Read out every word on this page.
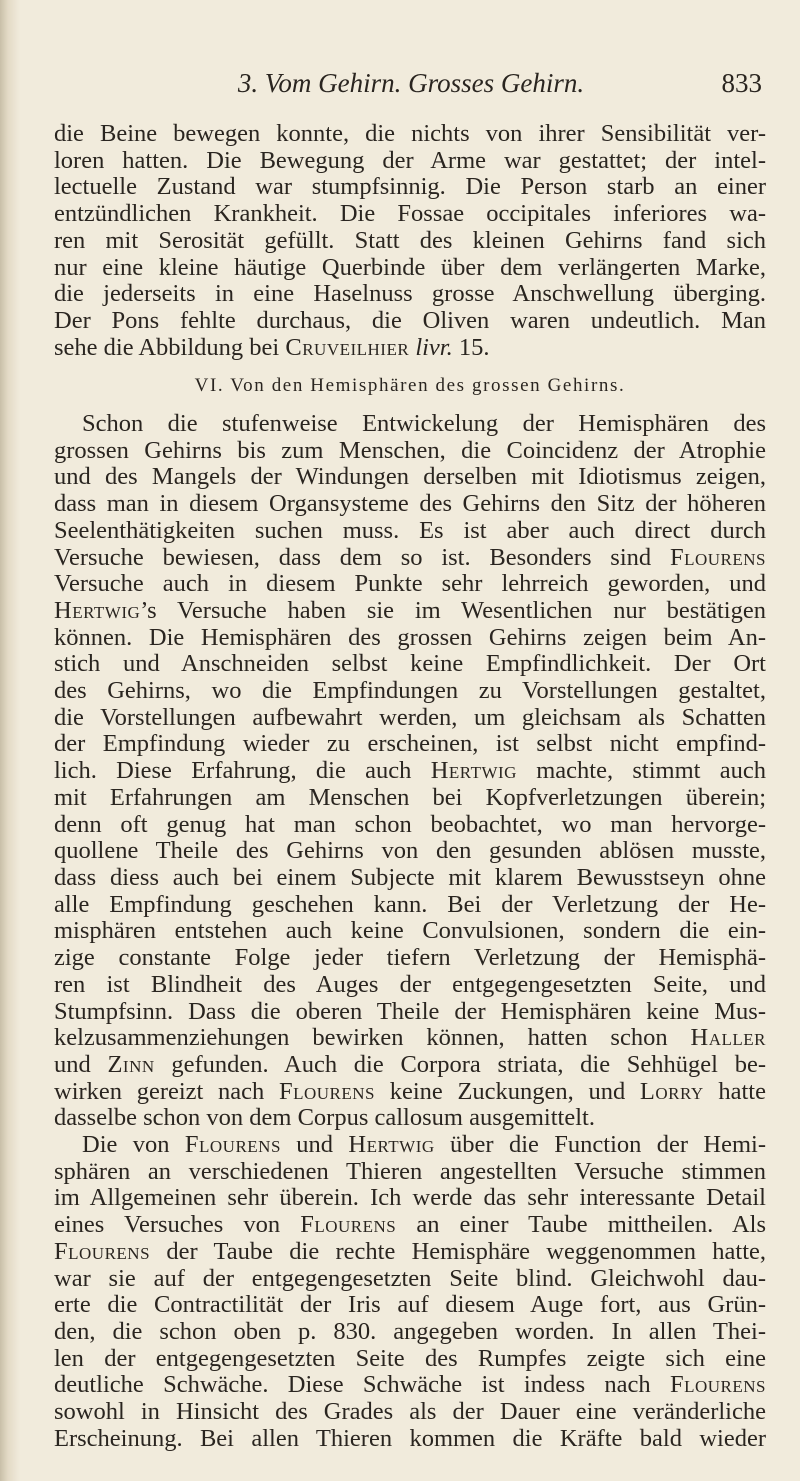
3. Vom Gehirn. Grosses Gehirn.	833
die Beine bewegen konnte, die nichts von ihrer Sensibilität ver-
loren hatten. Die Bewegung der Arme war gestattet; der intel-
lectuelle Zustand war stumpfsinnig. Die Person starb an einer
entzündlichen Krankheit. Die Fossae occipitales inferiores wa-
ren mit Serosität gefüllt. Statt des kleinen Gehirns fand sich
nur eine kleine häutige Querbinde über dem verlängerten Marke,
die jederseits in eine Haselnuss grosse Anschwellung überging.
Der Pons fehlte durchaus, die Oliven waren undeutlich. Man
sehe die Abbildung bei Cruveilhier livr. 15.
VI. Von den Hemisphären des grossen Gehirns.
Schon die stufenweise Entwickelung der Hemisphären des
grossen Gehirns bis zum Menschen, die Coincidenz der Atrophie
und des Mangels der Windungen derselben mit Idiotismus zeigen,
dass man in diesem Organsysteme des Gehirns den Sitz der höheren
Seelenthätigkeiten suchen muss. Es ist aber auch direct durch
Versuche bewiesen, dass dem so ist. Besonders sind Flourens
Versuche auch in diesem Punkte sehr lehrreich geworden, und
Hertwig’s Versuche haben sie im Wesentlichen nur bestätigen
können. Die Hemisphären des grossen Gehirns zeigen beim An-
stich und Anschneiden selbst keine Empfindlichkeit. Der Ort
des Gehirns, wo die Empfindungen zu Vorstellungen gestaltet,
die Vorstellungen aufbewahrt werden, um gleichsam als Schatten
der Empfindung wieder zu erscheinen, ist selbst nicht empfind-
lich. Diese Erfahrung, die auch Hertwig machte, stimmt auch
mit Erfahrungen am Menschen bei Kopfverletzungen überein;
denn oft genug hat man schon beobachtet, wo man hervorge-
quollene Theile des Gehirns von den gesunden ablösen musste,
dass diess auch bei einem Subjecte mit klarem Bewusstseyn ohne
alle Empfindung geschehen kann. Bei der Verletzung der He-
misphären entstehen auch keine Convulsionen, sondern die ein-
zige constante Folge jeder tiefern Verletzung der Hemisphä-
ren ist Blindheit des Auges der entgegengesetzten Seite, und
Stumpfsinn. Dass die oberen Theile der Hemisphären keine Mus-
kelzusammenziehungen bewirken können, hatten schon Haller
und Zinn gefunden. Auch die Corpora striata, die Sehhügel be-
wirken gereizt nach Flourens keine Zuckungen, und Lorry hatte
dasselbe schon von dem Corpus callosum ausgemittelt.
Die von Flourens und Hertwig über die Function der Hemi-
sphären an verschiedenen Thieren angestellten Versuche stimmen
im Allgemeinen sehr überein. Ich werde das sehr interessante Detail
eines Versuches von Flourens an einer Taube mittheilen. Als
Flourens der Taube die rechte Hemisphäre weggenommen hatte,
war sie auf der entgegengesetzten Seite blind. Gleichwohl dau-
erte die Contractilität der Iris auf diesem Auge fort, aus Grün-
den, die schon oben p. 830. angegeben worden. In allen Thei-
len der entgegengesetzten Seite des Rumpfes zeigte sich eine
deutliche Schwäche. Diese Schwäche ist indess nach Flourens
sowohl in Hinsicht des Grades als der Dauer eine veränderliche
Erscheinung. Bei allen Thieren kommen die Kräfte bald wieder
